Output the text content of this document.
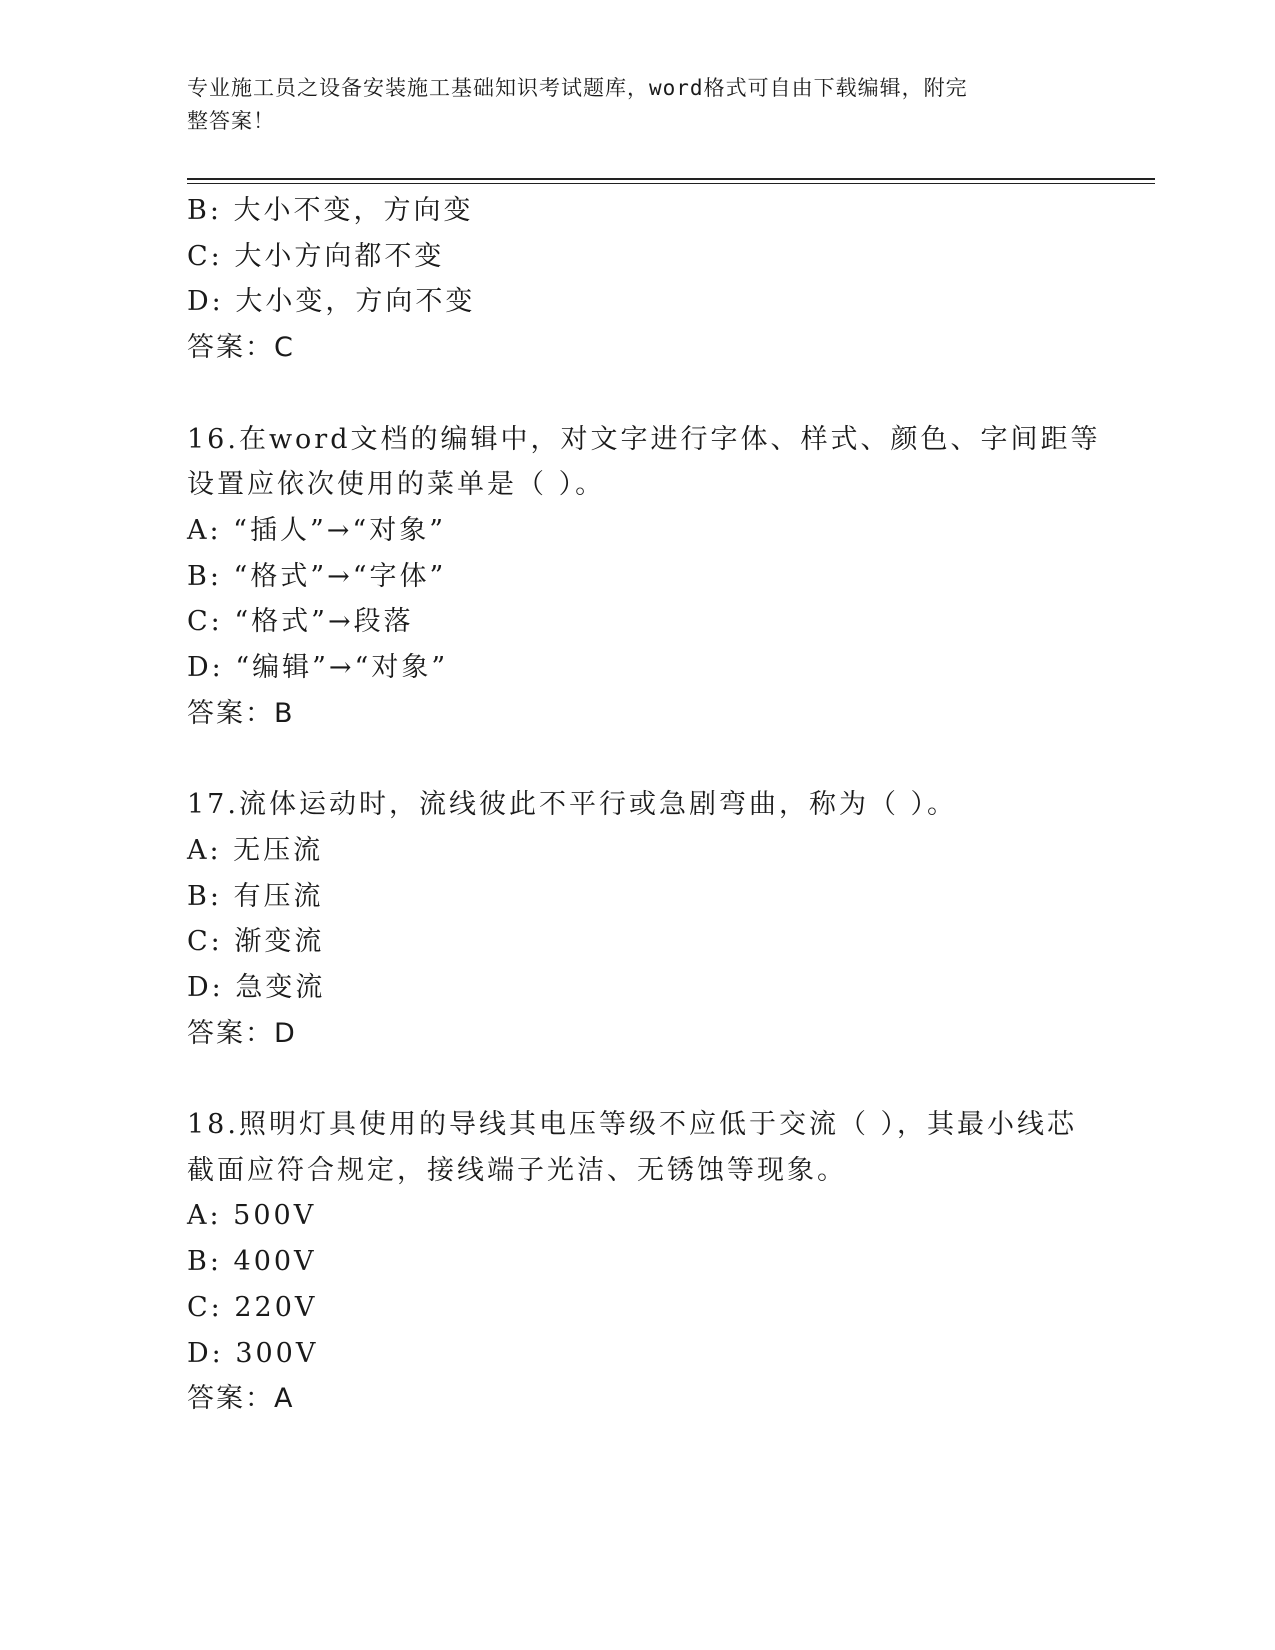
专业施工员之设备安装施工基础知识考试题库，word格式可自由下载编辑，附完
整答案！
B: 大小不变，方向变
C: 大小方向都不变
D: 大小变，方向不变
答案：C
16.在word文档的编辑中，对文字进行字体、样式、颜色、字间距等
设置应依次使用的菜单是（ ）。
A: “插人”→“对象”
B: “格式”→“字体”
C: “格式”→段落
D: “编辑”→“对象”
答案：B
17.流体运动时，流线彼此不平行或急剧弯曲，称为（ ）。
A: 无压流
B: 有压流
C: 渐变流
D: 急变流
答案：D
18.照明灯具使用的导线其电压等级不应低于交流（ ），其最小线芯
截面应符合规定，接线端子光洁、无锈蚀等现象。
A: 500V
B: 400V
C: 220V
D: 300V
答案：A
